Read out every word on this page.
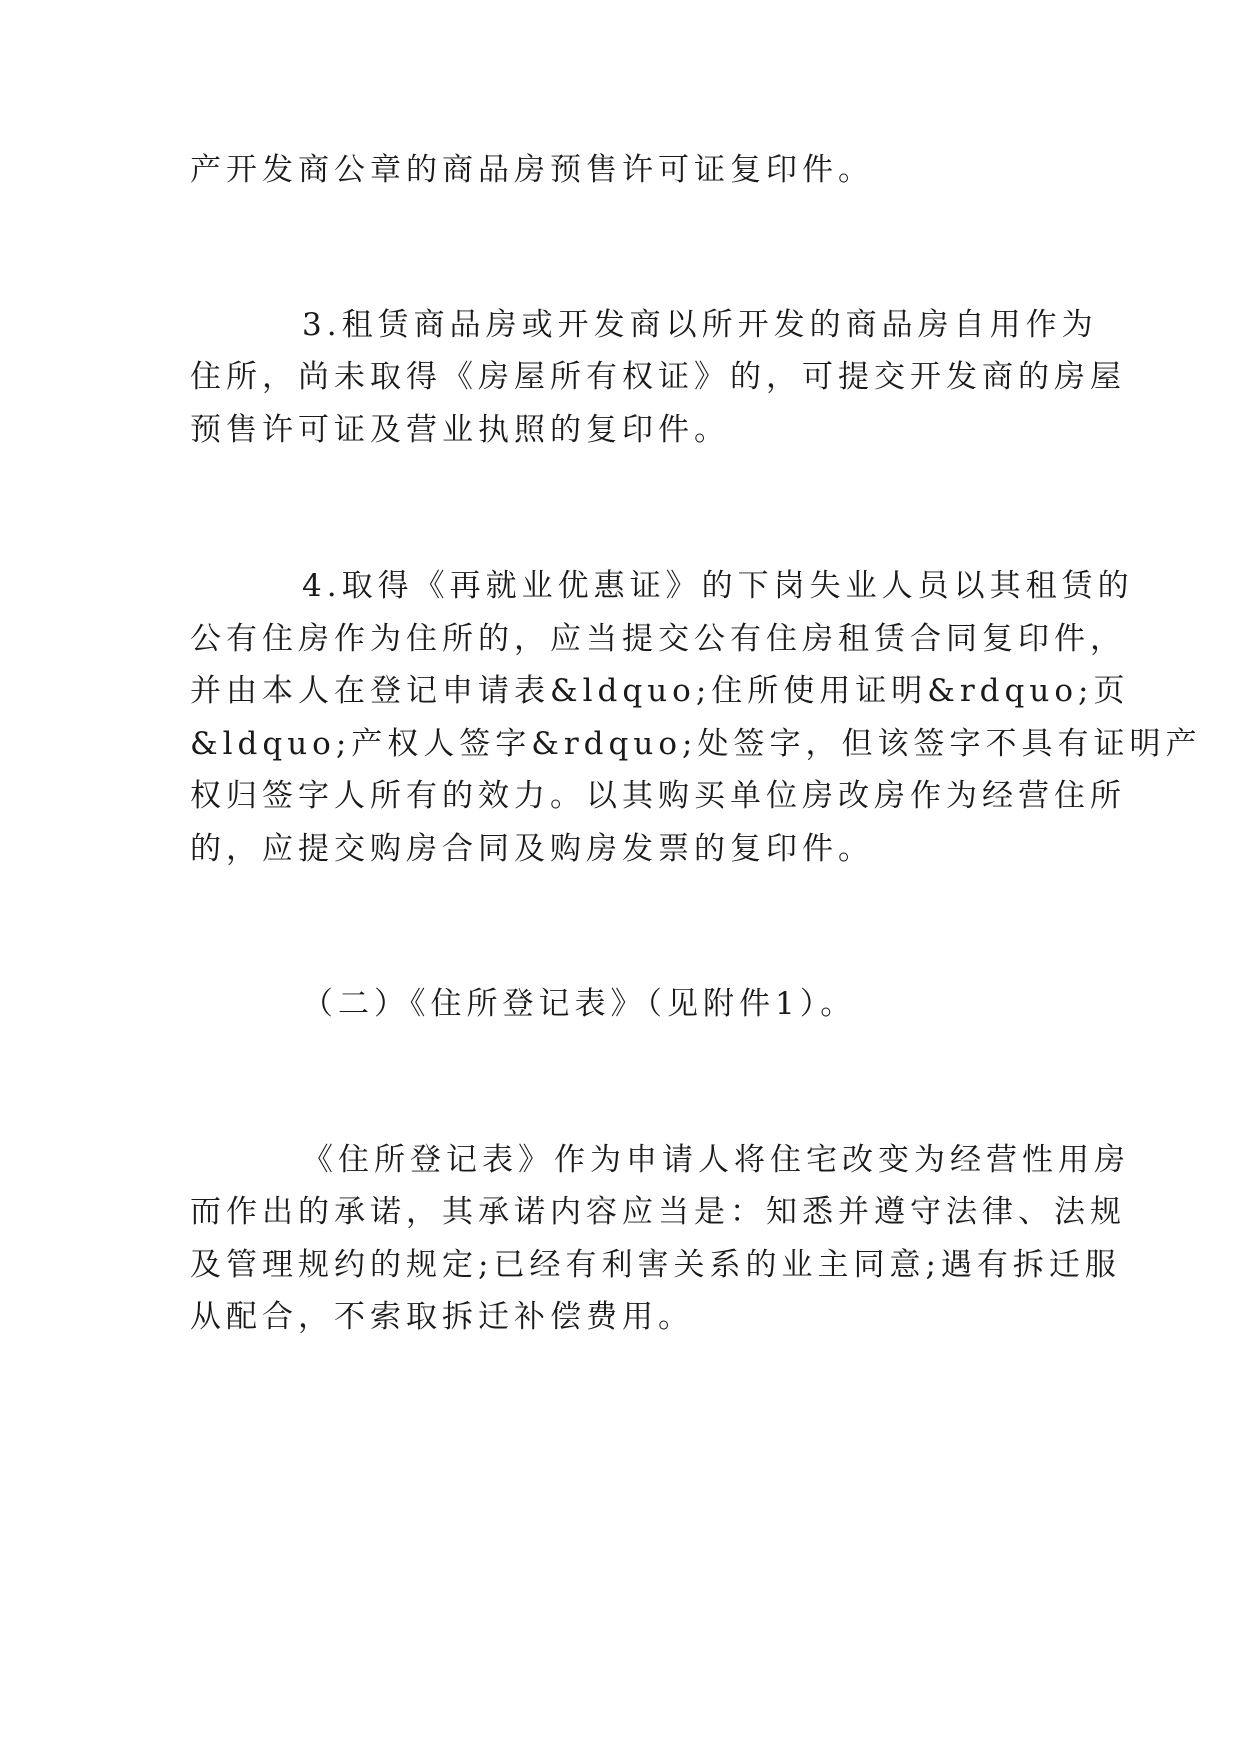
产开发商公章的商品房预售许可证复印件。
3.租赁商品房或开发商以所开发的商品房自用作为
住所，尚未取得《房屋所有权证》的，可提交开发商的房屋
预售许可证及营业执照的复印件。
4.取得《再就业优惠证》的下岗失业人员以其租赁的
公有住房作为住所的，应当提交公有住房租赁合同复印件，
并由本人在登记申请表&ldquo;住所使用证明&rdquo;页
&ldquo;产权人签字&rdquo;处签字，但该签字不具有证明产
权归签字人所有的效力。以其购买单位房改房作为经营住所
的，应提交购房合同及购房发票的复印件。
（二）《住所登记表》（见附件1）。
《住所登记表》作为申请人将住宅改变为经营性用房
而作出的承诺，其承诺内容应当是：知悉并遵守法律、法规
及管理规约的规定;已经有利害关系的业主同意;遇有拆迁服
从配合，不索取拆迁补偿费用。
